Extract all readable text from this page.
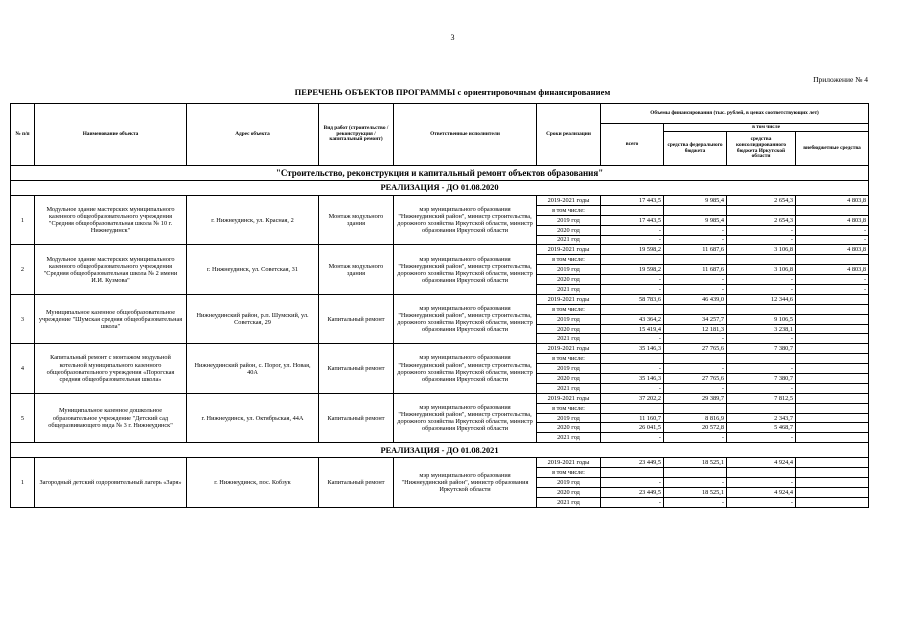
3
Приложение № 4
ПЕРЕЧЕНЬ ОБЪЕКТОВ ПРОГРАММЫ с ориентировочным финансированием
№ п/п	Наименование объекта	Адрес объекта	Вид работ (строительство /реконструкция /капитальный ремонт)	Ответственные исполнители	Сроки реализации	Объемы финансирования (тыс. рублей, в ценах соответствующих лет)			
						всего	в том числе		
							средства федерального бюджета	средства консолидированного бюджета Иркутской области	внебюджетные средства
"Строительство, реконструкция и капитальный ремонт объектов образования"									
РЕАЛИЗАЦИЯ - ДО 01.08.2020									
1	Модульное здание мастерских муниципального казенного общеобразовательного учреждения "Средняя общеобразовательная школа № 10 г. Нижнеудинск"	г. Нижнеудинск, ул. Красная, 2	Монтаж модульного здания	мэр муниципального образования "Нижнеудинский район", министр строительства, дорожного хозяйства Иркутской области, министр образования Иркутской области	2019-2021 годы	17 443,5	9 985,4	2 654,3	4 803,8
					в том числе:				
					2019 год	17 443,5	9 985,4	2 654,3	4 803,8
					2020 год	-	-	-	-
					2021 год	-	-	-	-
2	Модульное здание мастерских муниципального казенного общеобразовательного учреждения "Средняя общеобразовательная школа № 2 имени И.И. Кузмова"	г. Нижнеудинск, ул. Советская, 31	Монтаж модульного здания	мэр муниципального образования "Нижнеудинский район", министр строительства, дорожного хозяйства Иркутской области, министр образования Иркутской области	2019-2021 годы	19 598,2	11 687,6	3 106,8	4 803,8
					в том числе:				
					2019 год	19 598,2	11 687,6	3 106,8	4 803,8
					2020 год	-	-	-	-
					2021 год	-	-	-	-
3	Муниципальное казенное общеобразовательное учреждение "Шумская средняя общеобразовательная школа"	Нижнеудинский район, р.п. Шумский, ул. Советская, 29	Капитальный ремонт	мэр муниципального образования "Нижнеудинский район", министр строительства, дорожного хозяйства Иркутской области, министр образования Иркутской области	2019-2021 годы	58 783,6	46 439,0	12 344,6	
					в том числе:				
					2019 год	43 364,2	34 257,7	9 106,5	
					2020 год	15 419,4	12 181,3	3 238,1	
					2021 год	-	-	-	
4	Капитальный ремонт с монтажом модульной котельной муниципального казенного общеобразовательного учреждения «Порогская средняя общеобразовательная школа»	Нижнеудинский район, с. Порог, ул. Новая, 40А	Капитальный ремонт	мэр муниципального образования "Нижнеудинский район", министр строительства, дорожного хозяйства Иркутской области, министр образования Иркутской области	2019-2021 годы	35 146,3	27 765,6	7 380,7	
					в том числе:				
					2019 год	-	-	-	
					2020 год	35 146,3	27 765,6	7 380,7	
					2021 год	-	-	-	
5	Муниципальное казенное дошкольное образовательное учреждение "Детский сад общеразвивающего вида № 3 г. Нижнеудинск"	г. Нижнеудинск, ул. Октябрьская, 44А	Капитальный ремонт	мэр муниципального образования "Нижнеудинский район", министр строительства, дорожного хозяйства Иркутской области, министр образования Иркутской области	2019-2021 годы	37 202,2	29 389,7	7 812,5	
					в том числе:				
					2019 год	11 160,7	8 816,9	2 343,7	
					2020 год	26 041,5	20 572,8	5 468,7	
					2021 год	-	-	-	
РЕАЛИЗАЦИЯ - ДО 01.08.2021									
1	Загородный детский оздоровительный лагерь «Заря»	г. Нижнеудинск, пос. Кобзук	Капитальный ремонт	мэр муниципального образования "Нижнеудинский район", министр образования Иркутской области	2019-2021 годы	23 449,5	18 525,1	4 924,4	
					в том числе:				
					2019 год	-	-	-	
					2020 год	23 449,5	18 525,1	4 924,4	
					2021 год	-	-	-	
